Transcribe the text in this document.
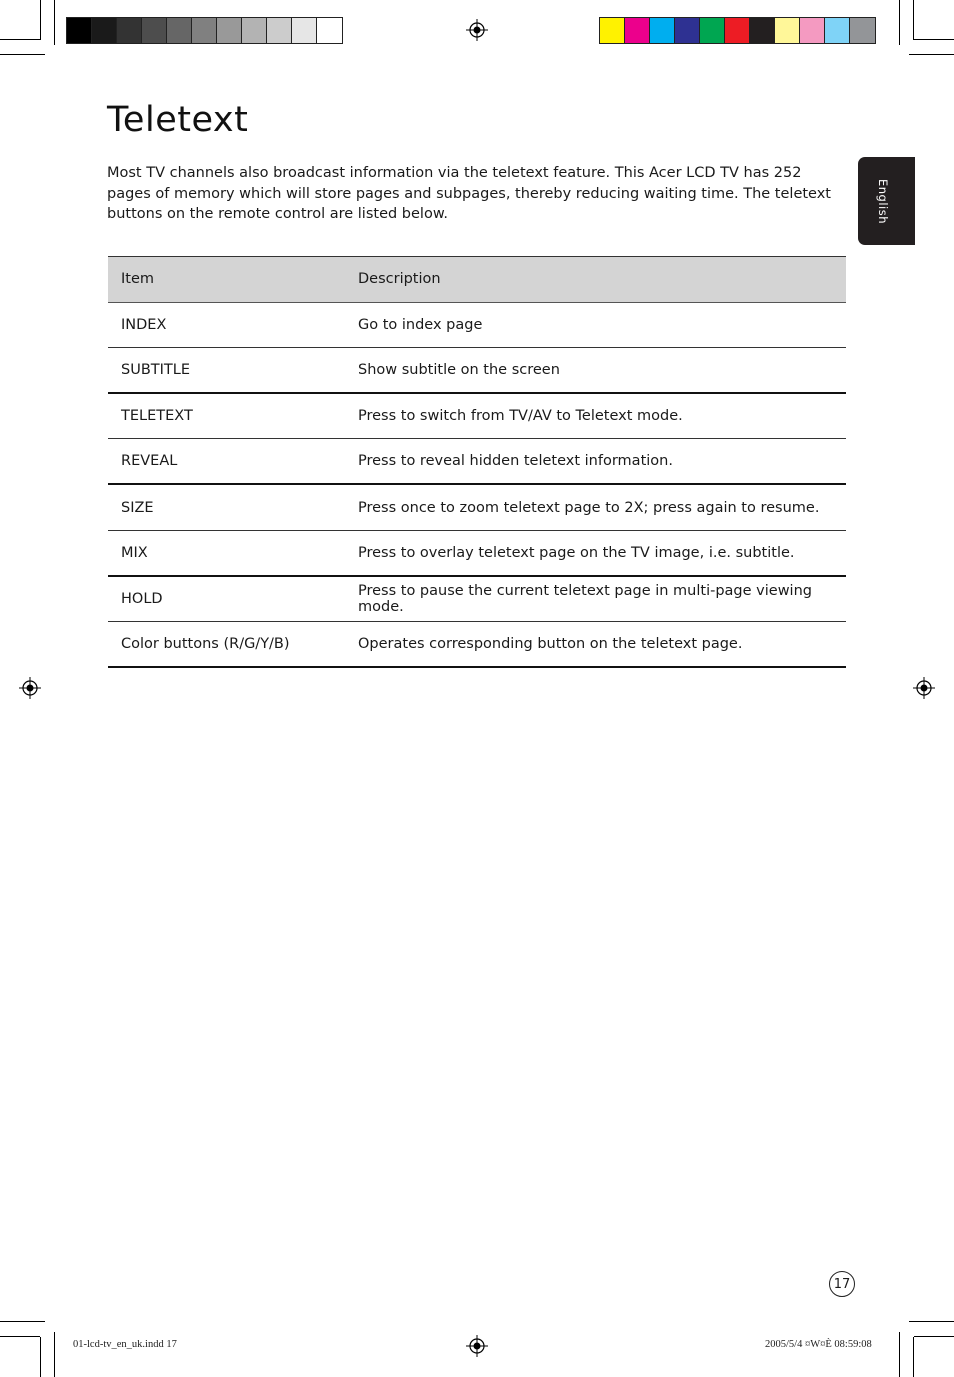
English
Teletext

Most TV channels also broadcast information via the teletext feature. This Acer LCD TV has 252 pages of memory which will store pages and subpages, thereby reducing waiting time. The teletext buttons on the remote control are listed below.

Item	Description
INDEX	Go to index page
SUBTITLE	Show subtitle on the screen
TELETEXT	Press to switch from TV/AV to Teletext mode.
REVEAL	Press to reveal hidden teletext information.
SIZE	Press once to zoom teletext page to 2X; press again to resume.
MIX	Press to overlay teletext page on the TV image, i.e. subtitle.
HOLD	Press to pause the current teletext page in multi-page viewing mode.
Color buttons (R/G/Y/B)	Operates corresponding button on the teletext page.
17
01-lcd-tv_en_uk.indd 17	2005/5/4 ¤W¤È 08:59:08
